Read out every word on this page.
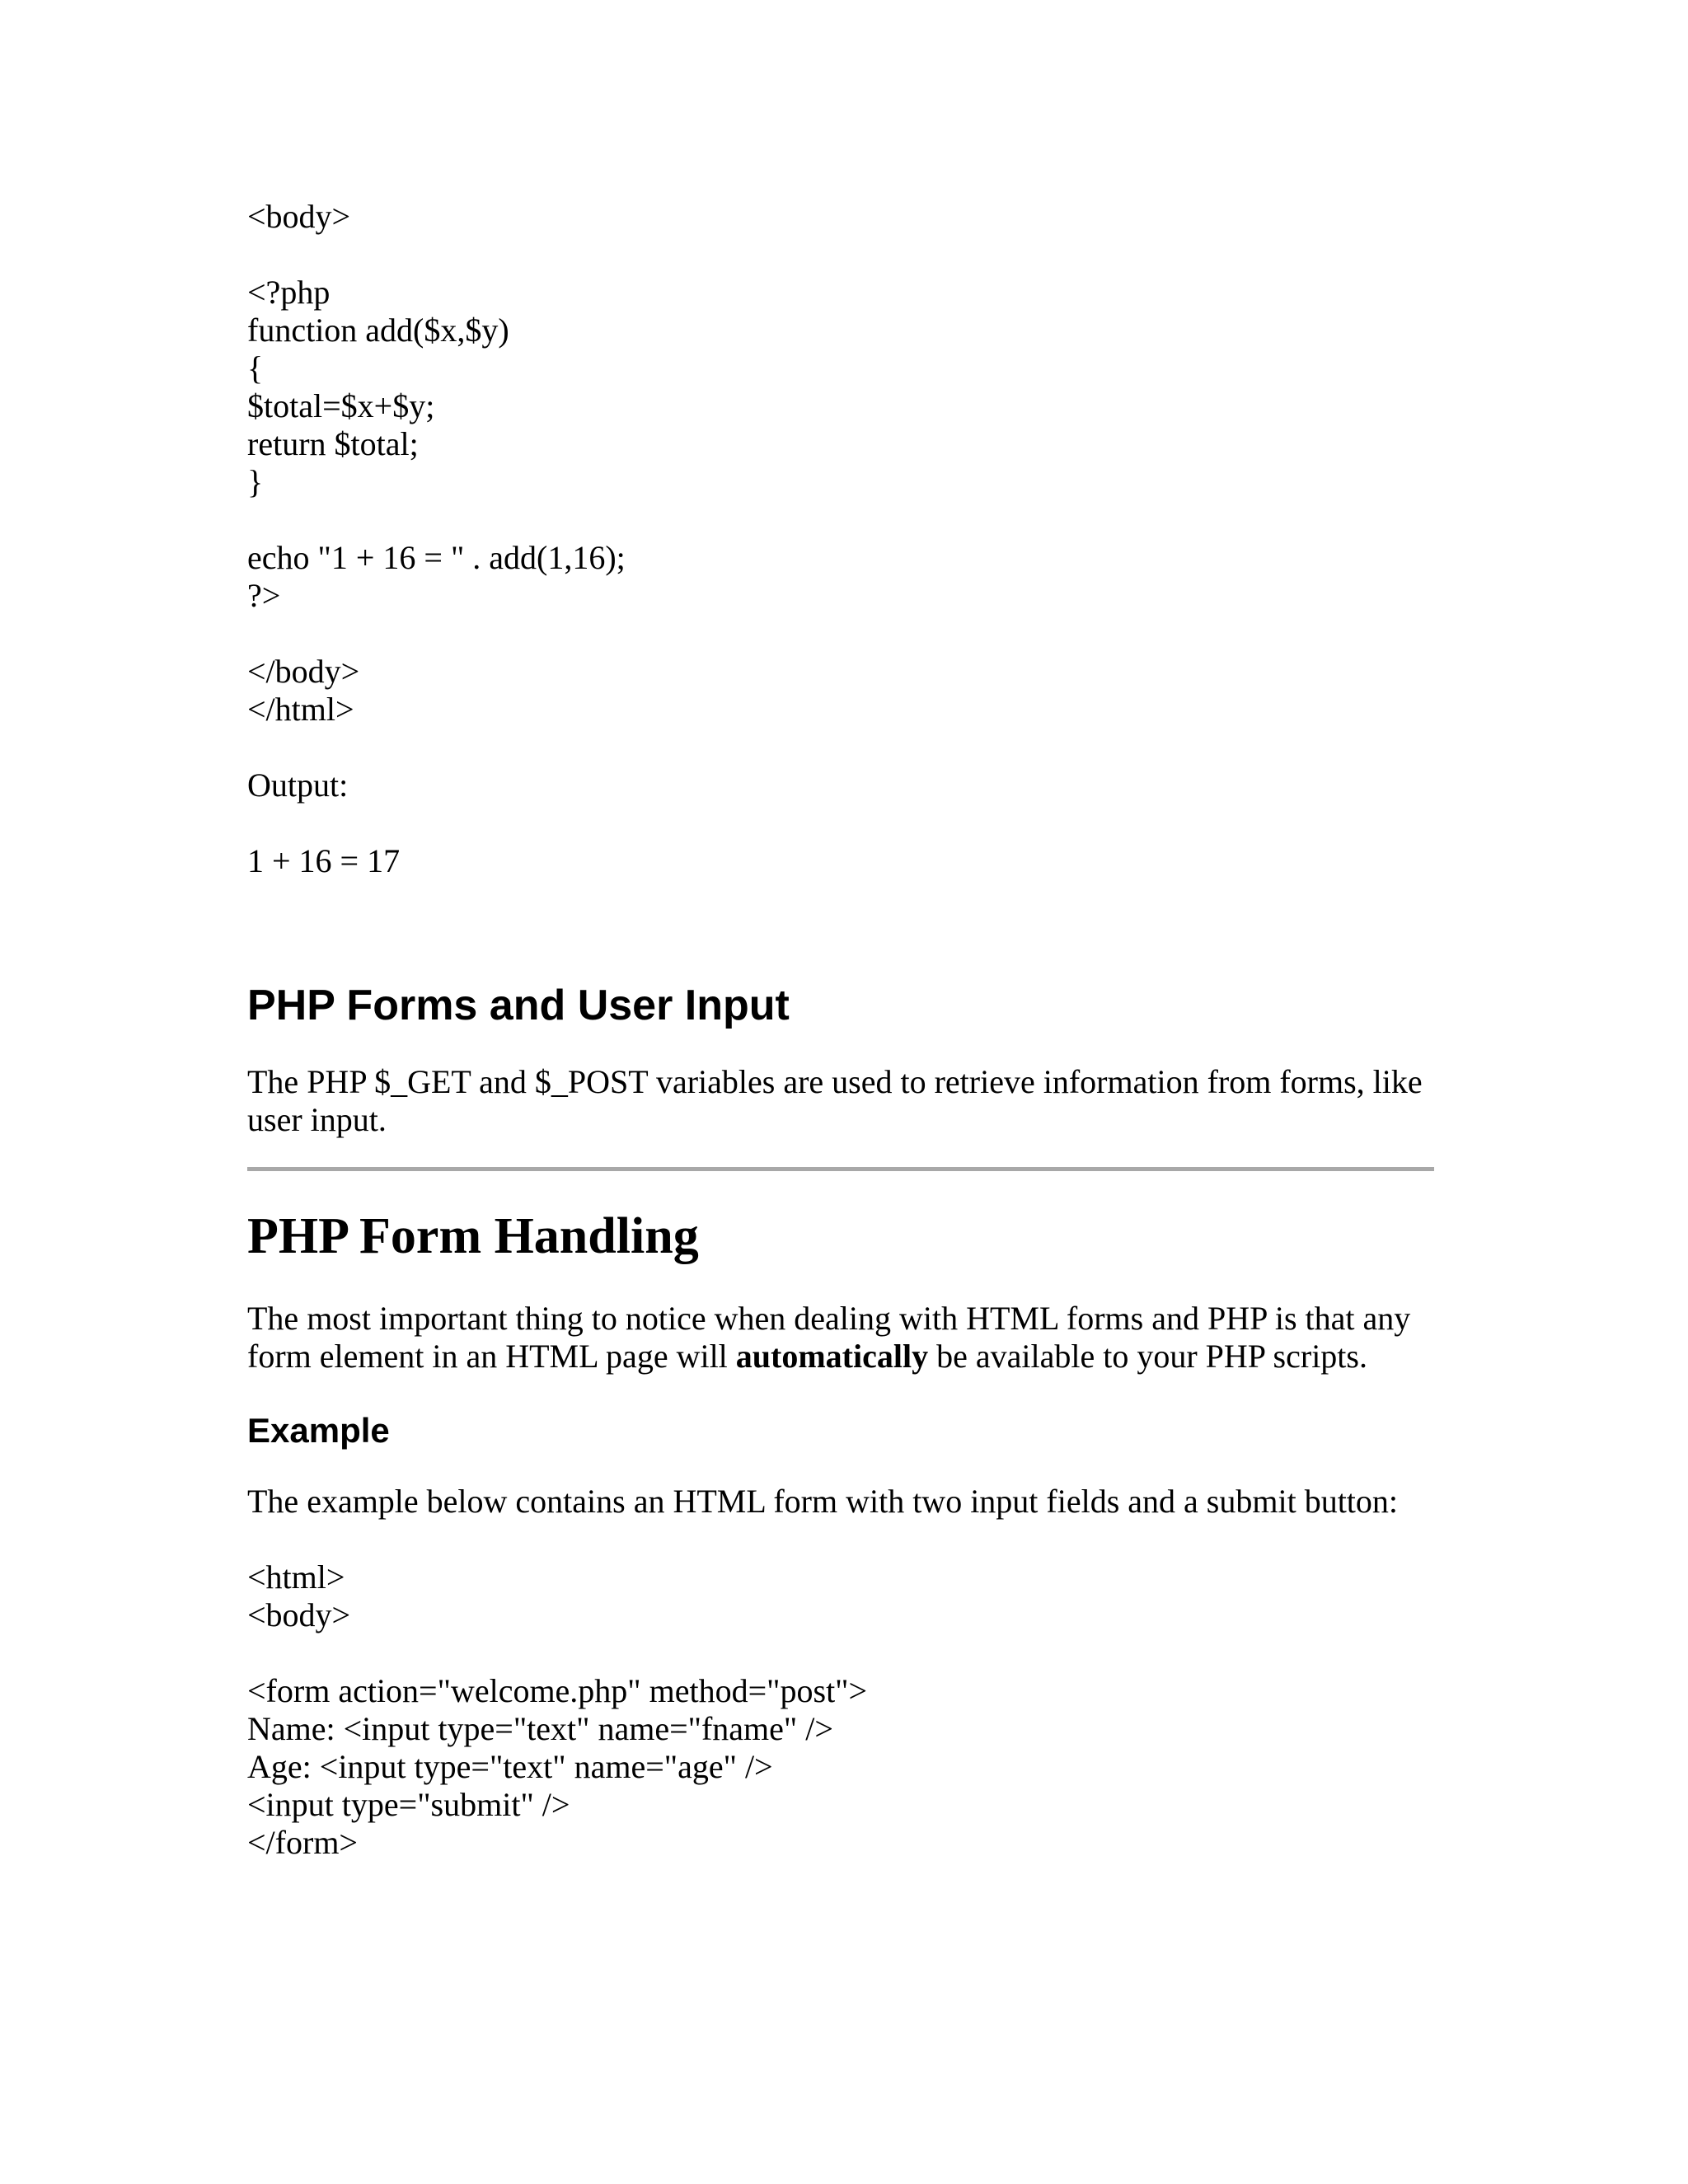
<body>
<?php
function add($x,$y)
{
$total=$x+$y;
return $total;
}
echo "1 + 16 = " . add(1,16);
?>
</body>
</html>

Output:

1 + 16 = 17

PHP Forms and User Input

The PHP $_GET and $_POST variables are used to retrieve information from forms, like user input.

PHP Form Handling

The most important thing to notice when dealing with HTML forms and PHP is that any form element in an HTML page will automatically be available to your PHP scripts.

Example

The example below contains an HTML form with two input fields and a submit button:

<html>
<body>
<form action="welcome.php" method="post">
Name: <input type="text" name="fname" />
Age: <input type="text" name="age" />
<input type="submit" />
</form>
